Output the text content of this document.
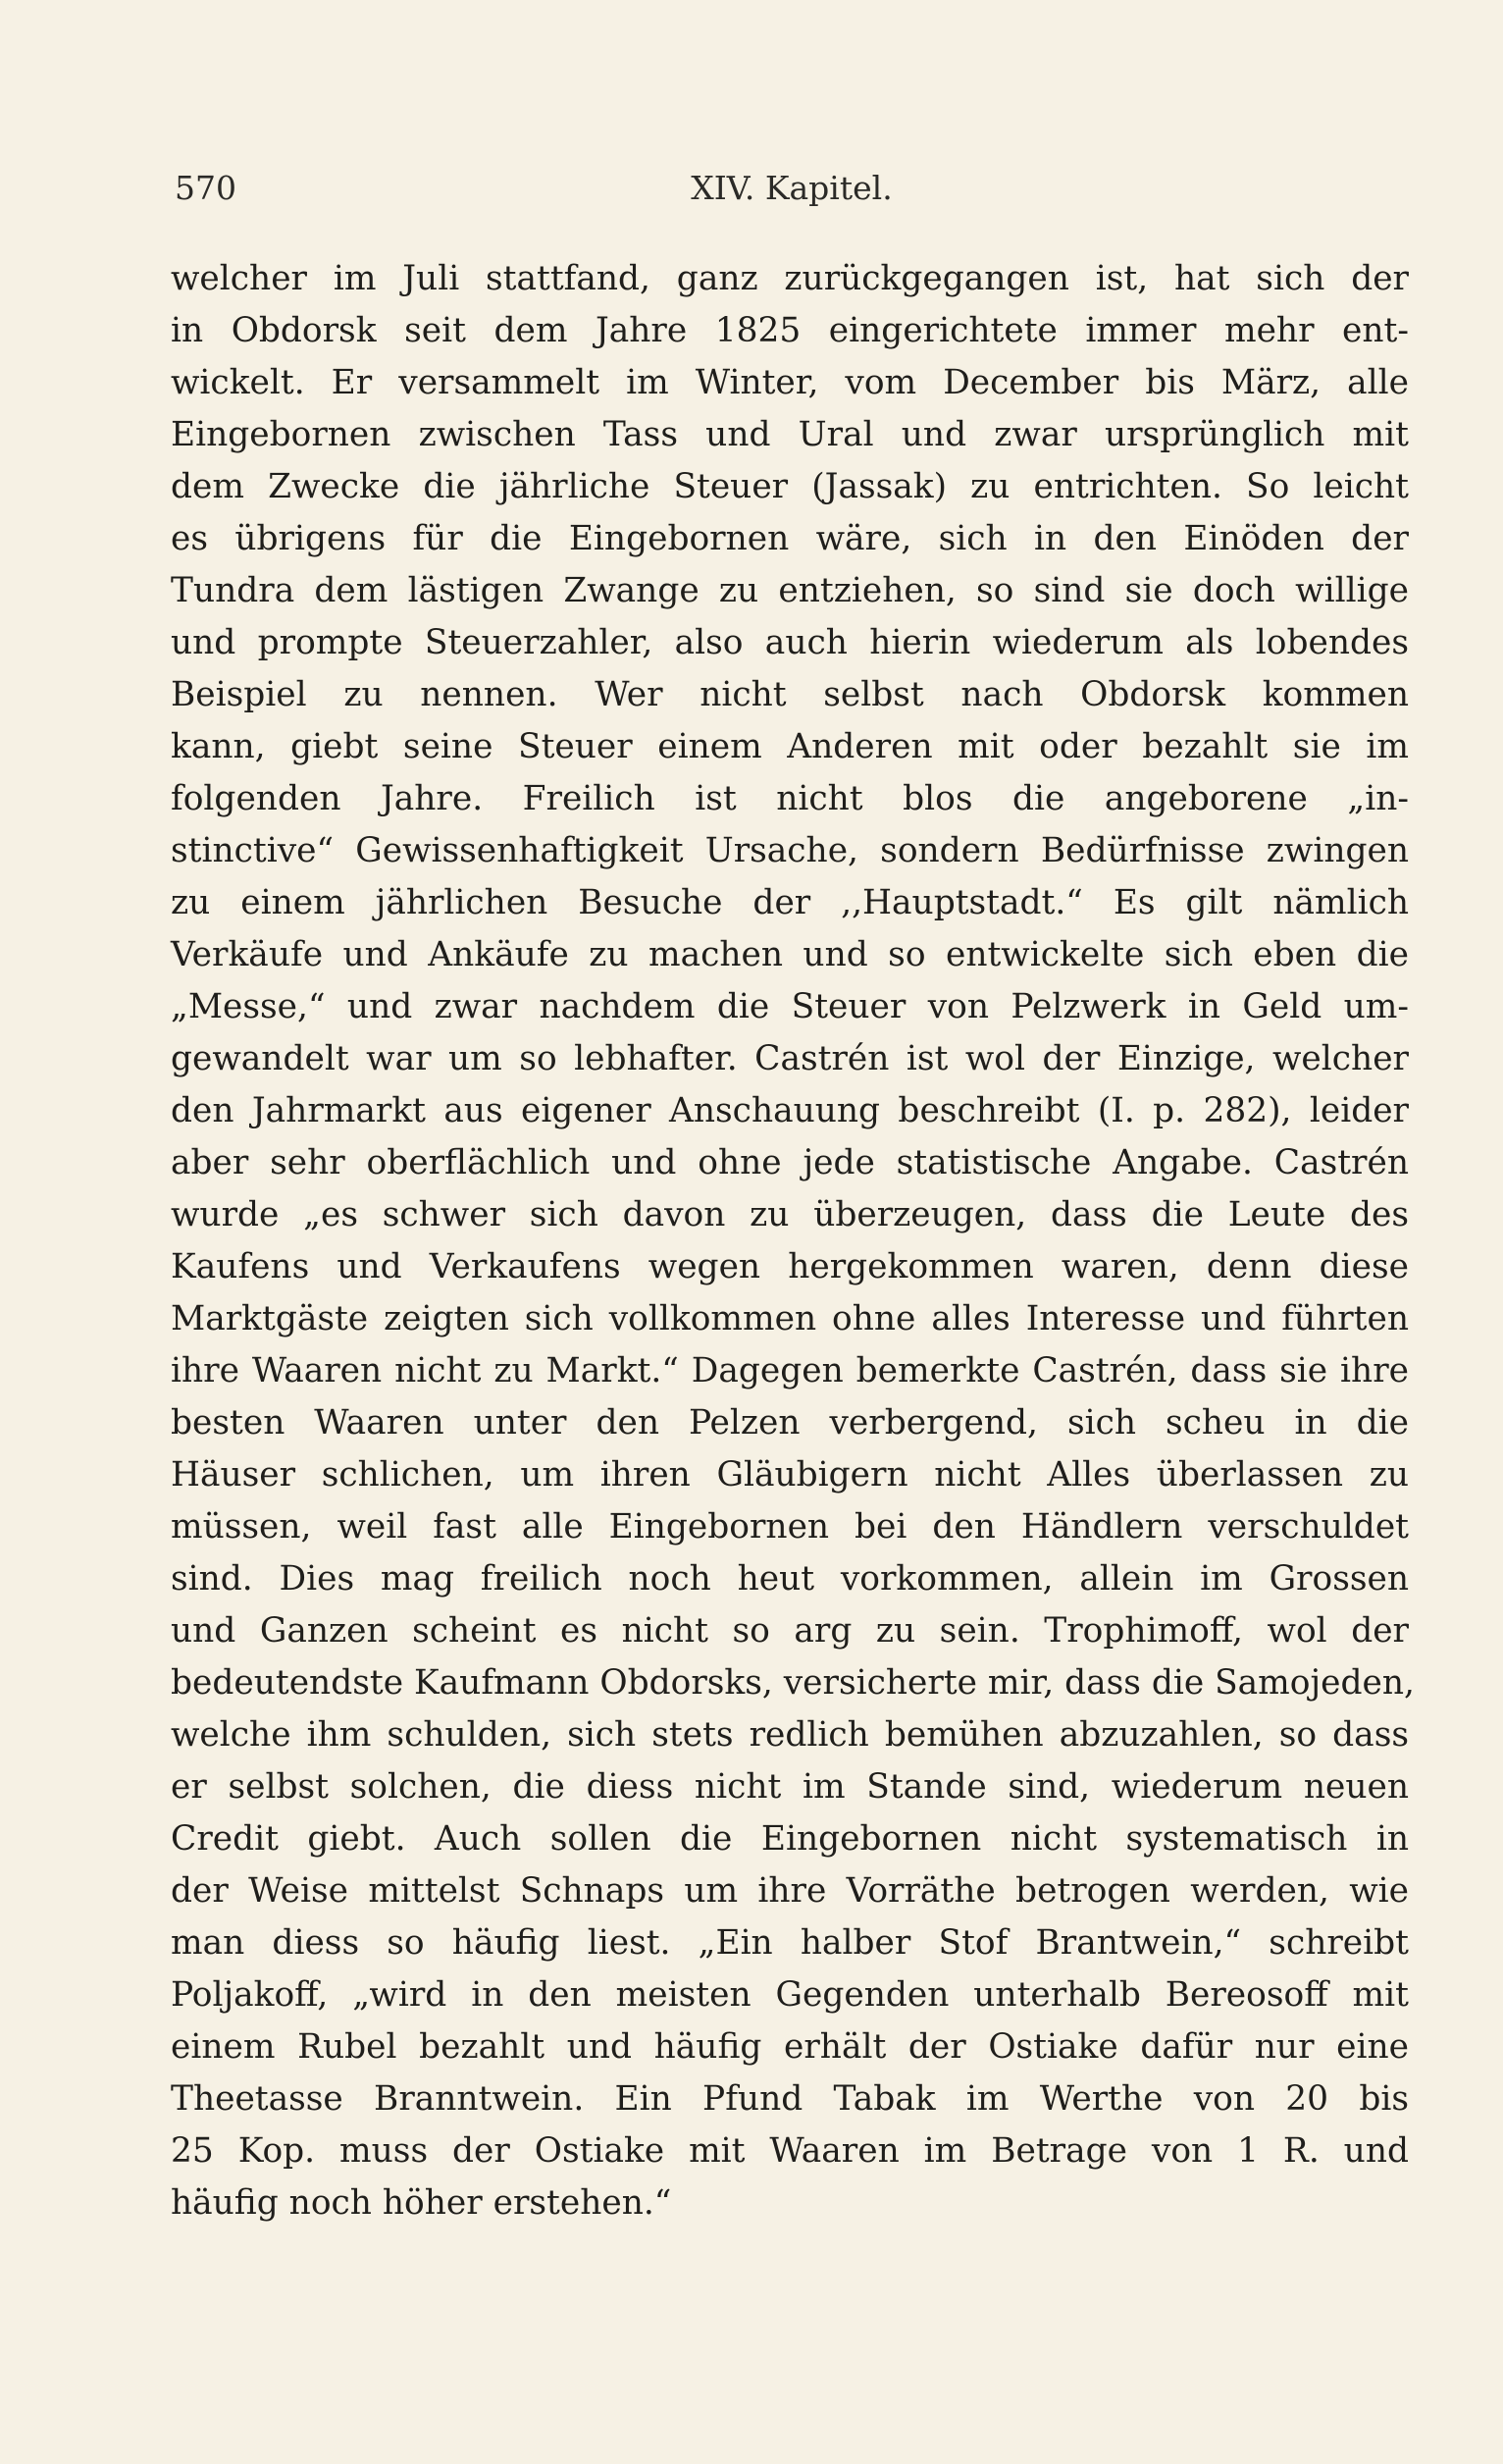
570	XIV. Kapitel.
welcher im Juli stattfand, ganz zurückgegangen ist, hat sich der
in Obdorsk seit dem Jahre 1825 eingerichtete immer mehr ent-
wickelt. Er versammelt im Winter, vom December bis März, alle
Eingebornen zwischen Tass und Ural und zwar ursprünglich mit
dem Zwecke die jährliche Steuer (Jassak) zu entrichten. So leicht
es übrigens für die Eingebornen wäre, sich in den Einöden der
Tundra dem lästigen Zwange zu entziehen, so sind sie doch willige
und prompte Steuerzahler, also auch hierin wiederum als lobendes
Beispiel zu nennen. Wer nicht selbst nach Obdorsk kommen
kann, giebt seine Steuer einem Anderen mit oder bezahlt sie im
folgenden Jahre. Freilich ist nicht blos die angeborene „in-
stinctive“ Gewissenhaftigkeit Ursache, sondern Bedürfnisse zwingen
zu einem jährlichen Besuche der ,,Hauptstadt.“ Es gilt nämlich
Verkäufe und Ankäufe zu machen und so entwickelte sich eben die
„Messe,“ und zwar nachdem die Steuer von Pelzwerk in Geld um-
gewandelt war um so lebhafter. Castrén ist wol der Einzige, welcher
den Jahrmarkt aus eigener Anschauung beschreibt (I. p. 282), leider
aber sehr oberflächlich und ohne jede statistische Angabe. Castrén
wurde „es schwer sich davon zu überzeugen, dass die Leute des
Kaufens und Verkaufens wegen hergekommen waren, denn diese
Marktgäste zeigten sich vollkommen ohne alles Interesse und führten
ihre Waaren nicht zu Markt.“ Dagegen bemerkte Castrén, dass sie ihre
besten Waaren unter den Pelzen verbergend, sich scheu in die
Häuser schlichen, um ihren Gläubigern nicht Alles überlassen zu
müssen, weil fast alle Eingebornen bei den Händlern verschuldet
sind. Dies mag freilich noch heut vorkommen, allein im Grossen
und Ganzen scheint es nicht so arg zu sein. Trophimoff, wol der
bedeutendste Kaufmann Obdorsks, versicherte mir, dass die Samojeden,
welche ihm schulden, sich stets redlich bemühen abzuzahlen, so dass
er selbst solchen, die diess nicht im Stande sind, wiederum neuen
Credit giebt. Auch sollen die Eingebornen nicht systematisch in
der Weise mittelst Schnaps um ihre Vorräthe betrogen werden, wie
man diess so häufig liest. „Ein halber Stof Brantwein,“ schreibt
Poljakoff, „wird in den meisten Gegenden unterhalb Bereosoff mit
einem Rubel bezahlt und häufig erhält der Ostiake dafür nur eine
Theetasse Branntwein. Ein Pfund Tabak im Werthe von 20 bis
25 Kop. muss der Ostiake mit Waaren im Betrage von 1 R. und
häufig noch höher erstehen.“
